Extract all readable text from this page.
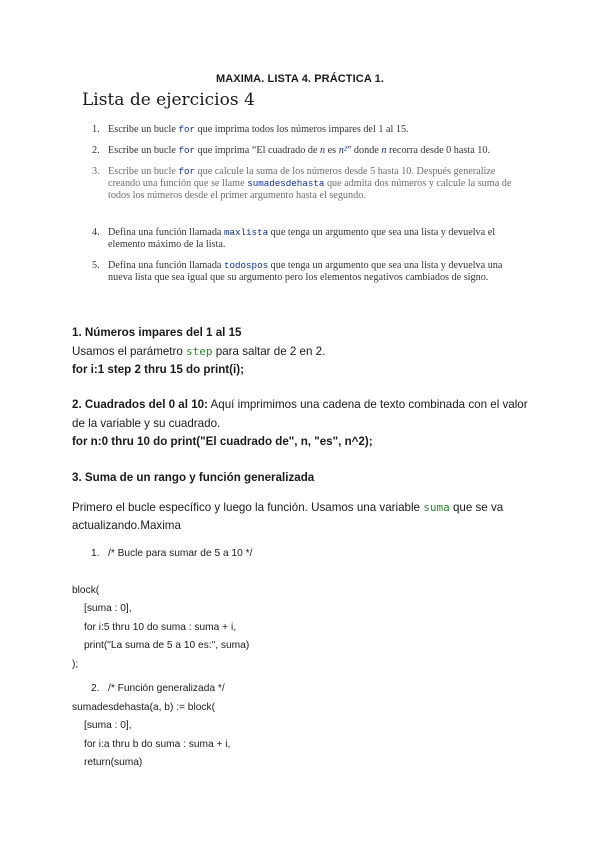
MAXIMA. LISTA 4. PRÁCTICA 1.
Lista de ejercicios 4
1. Escribe un bucle for que imprima todos los números impares del 1 al 15.
2. Escribe un bucle for que imprima “El cuadrado de n es n²” donde n recorra desde 0 hasta 10.
3. Escribe un bucle for que calcule la suma de los números desde 5 hasta 10. Después generalize creando una función que se llame sumadesdehasta que admita dos números y calcule la suma de todos los números desde el primer argumento hasta el segundo.
4. Defina una función llamada maxlista que tenga un argumento que sea una lista y devuelva el elemento máximo de la lista.
5. Defina una función llamada todospos que tenga un argumento que sea una lista y devuelva una nueva lista que sea igual que su argumento pero los elementos negativos cambiados de signo.
1. Números impares del 1 al 15
Usamos el parámetro step para saltar de 2 en 2.
for i:1 step 2 thru 15 do print(i);
2. Cuadrados del 0 al 10: Aquí imprimimos una cadena de texto combinada con el valor de la variable y su cuadrado.
for n:0 thru 10 do print("El cuadrado de", n, "es", n^2);
3. Suma de un rango y función generalizada
Primero el bucle específico y luego la función. Usamos una variable suma que se va actualizando.Maxima
1.   /* Bucle para sumar de 5 a 10 */
block(
[suma : 0],
for i:5 thru 10 do suma : suma + i,
print("La suma de 5 a 10 es:", suma)
);
2.   /* Función generalizada */
sumadesdehasta(a, b) := block(
[suma : 0],
for i:a thru b do suma : suma + i,
return(suma)
